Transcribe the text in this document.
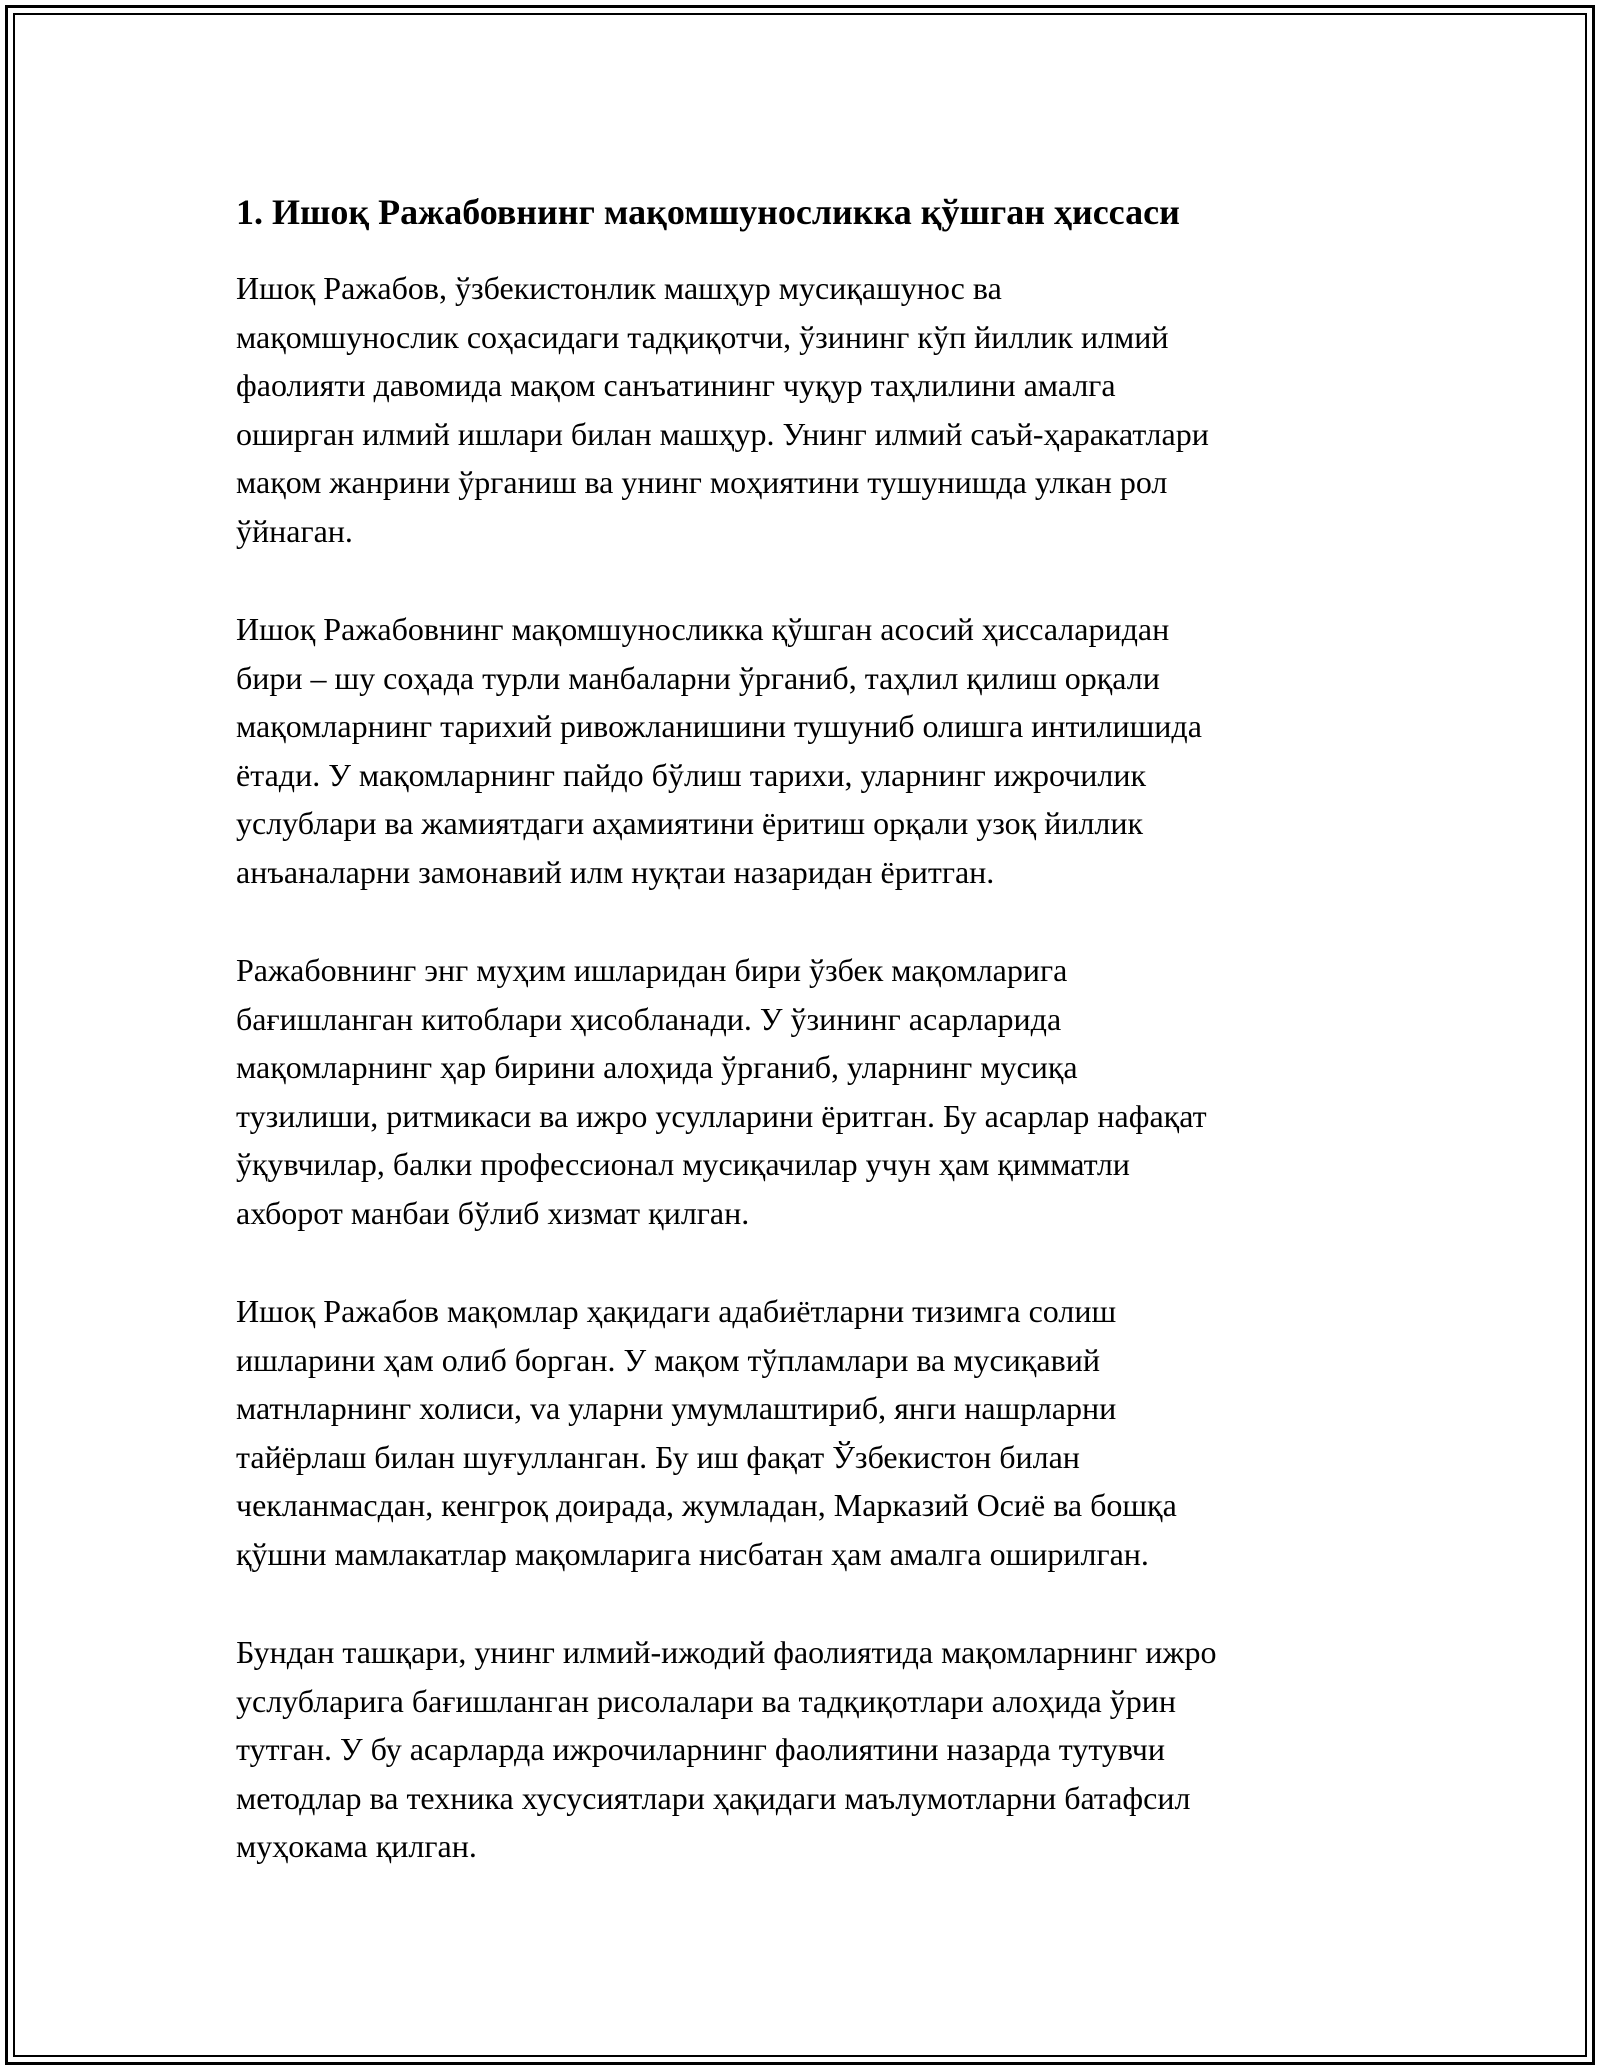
1. Ишоқ Ражабовнинг мақомшуносликка қўшган ҳиссаси

Ишоқ Ражабов, ўзбекистонлик машҳур мусиқашунос ва
мақомшунослик соҳасидаги тадқиқотчи, ўзининг кўп йиллик илмий
фаолияти давомида мақом санъатининг чуқур таҳлилини амалга
оширган илмий ишлари билан машҳур. Унинг илмий саъй-ҳаракатлари
мақом жанрини ўрганиш ва унинг моҳиятини тушунишда улкан рол
ўйнаган.

Ишоқ Ражабовнинг мақомшуносликка қўшган асосий ҳиссаларидан
бири – шу соҳада турли манбаларни ўрганиб, таҳлил қилиш орқали
мақомларнинг тарихий ривожланишини тушуниб олишга интилишида
ётади. У мақомларнинг пайдо бўлиш тарихи, уларнинг ижрочилик
услублари ва жамиятдаги аҳамиятини ёритиш орқали узоқ йиллик
анъаналарни замонавий илм нуқтаи назаридан ёритган.

Ражабовнинг энг муҳим ишларидан бири ўзбек мақомларига
бағишланган китоблари ҳисобланади. У ўзининг асарларида
мақомларнинг ҳар бирини алоҳида ўрганиб, уларнинг мусиқа
тузилиши, ритмикаси ва ижро усулларини ёритган. Бу асарлар нафақат
ўқувчилар, балки профессионал мусиқачилар учун ҳам қимматли
ахборот манбаи бўлиб хизмат қилган.

Ишоқ Ражабов мақомлар ҳақидаги адабиётларни тизимга солиш
ишларини ҳам олиб борган. У мақом тўпламлари ва мусиқавий
матнларнинг холиси, vа уларни умумлаштириб, янги нашрларни
тайёрлаш билан шуғулланган. Бу иш фақат Ўзбекистон билан
чекланмасдан, кенгроқ доирада, жумладан, Марказий Осиё ва бошқа
қўшни мамлакатлар мақомларига нисбатан ҳам амалга оширилган.

Бундан ташқари, унинг илмий-ижодий фаолиятида мақомларнинг ижро
услубларига бағишланган рисолалари ва тадқиқотлари алоҳида ўрин
тутган. У бу асарларда ижрочиларнинг фаолиятини назарда тутувчи
методлар ва техника хусусиятлари ҳақидаги маълумотларни батафсил
муҳокама қилган.
